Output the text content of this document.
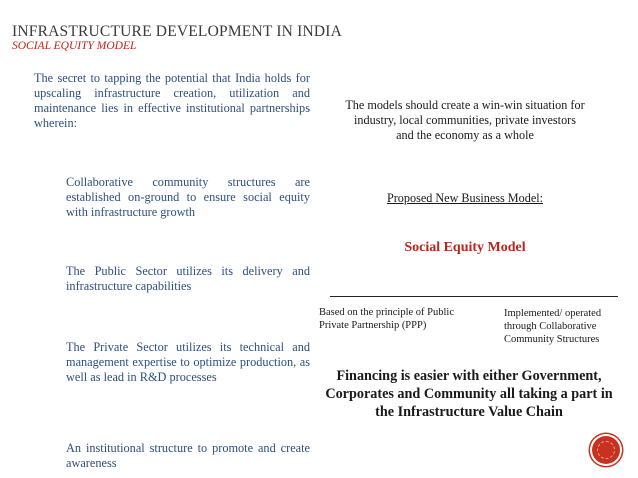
INFRASTRUCTURE DEVELOPMENT IN INDIA
SOCIAL EQUITY MODEL

The secret to tapping the potential that India holds for upscaling infrastructure creation, utilization and maintenance lies in effective institutional partnerships wherein:

Collaborative community structures are established on-ground to ensure social equity with infrastructure growth

The Public Sector utilizes its delivery and infrastructure capabilities

The Private Sector utilizes its technical and management expertise to optimize production, as well as lead in R&D processes

An institutional structure to promote and create awareness

The models should create a win-win situation for industry, local communities, private investors and the economy as a whole

Proposed New Business Model:

Social Equity Model

Based on the principle of Public Private Partnership (PPP)

Implemented/ operated through Collaborative Community Structures

Financing is easier with either Government, Corporates and Community all taking a part in the Infrastructure Value Chain
